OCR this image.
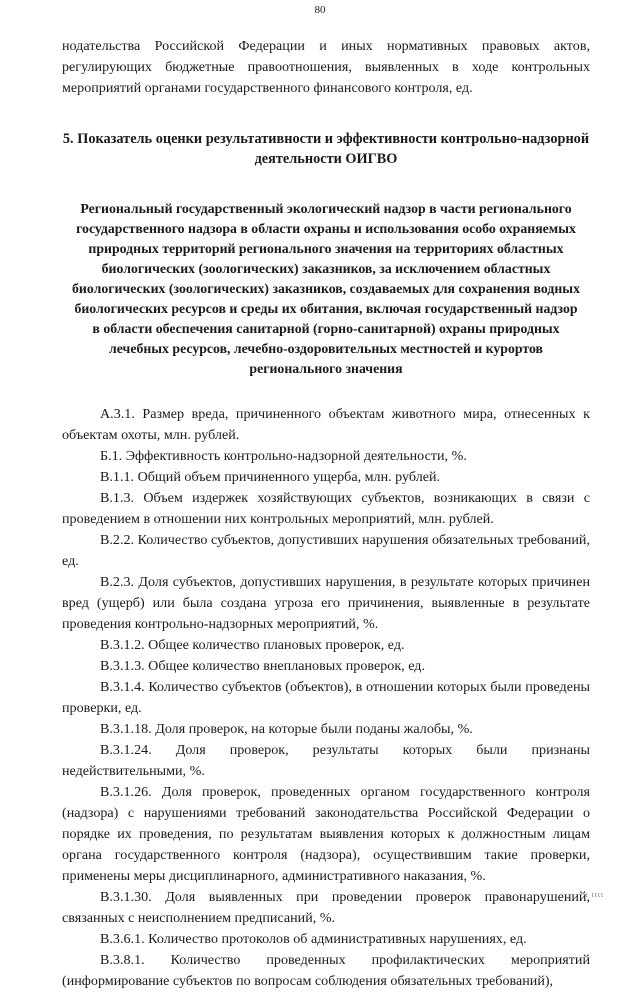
80

нодательства Российской Федерации и иных нормативных правовых актов, регулирующих бюджетные правоотношения, выявленных в ходе контрольных мероприятий органами государственного финансового контроля, ед.

5. Показатель оценки результативности и эффективности контрольно-надзорной деятельности ОИГВО

Региональный государственный экологический надзор в части регионального государственного надзора в области охраны и использования особо охраняемых природных территорий регионального значения на территориях областных биологических (зоологических) заказников, за исключением областных биологических (зоологических) заказников, создаваемых для сохранения водных биологических ресурсов и среды их обитания, включая государственный надзор в области обеспечения санитарной (горно-санитарной) охраны природных лечебных ресурсов, лечебно-оздоровительных местностей и курортов регионального значения

А.3.1. Размер вреда, причиненного объектам животного мира, отнесенных к объектам охоты, млн. рублей.

Б.1. Эффективность контрольно-надзорной деятельности, %.

В.1.1. Общий объем причиненного ущерба, млн. рублей.

В.1.3. Объем издержек хозяйствующих субъектов, возникающих в связи с проведением в отношении них контрольных мероприятий, млн. рублей.

В.2.2. Количество субъектов, допустивших нарушения обязательных требований, ед.

В.2.3. Доля субъектов, допустивших нарушения, в результате которых причинен вред (ущерб) или была создана угроза его причинения, выявленные в результате проведения контрольно-надзорных мероприятий, %.

В.3.1.2. Общее количество плановых проверок, ед.

В.3.1.3. Общее количество внеплановых проверок, ед.

В.3.1.4. Количество субъектов (объектов), в отношении которых были проведены проверки, ед.

В.3.1.18. Доля проверок, на которые были поданы жалобы, %.

В.3.1.24. Доля проверок, результаты которых были признаны недействительными, %.

В.3.1.26. Доля проверок, проведенных органом государственного контроля (надзора) с нарушениями требований законодательства Российской Федерации о порядке их проведения, по результатам выявления которых к должностным лицам органа государственного контроля (надзора), осуществившим такие проверки, применены меры дисциплинарного, административного наказания, %.

В.3.1.30. Доля выявленных при проведении проверок правонарушений, связанных с неисполнением предписаний, %.

В.3.6.1. Количество протоколов об административных нарушениях, ед.

В.3.8.1. Количество проведенных профилактических мероприятий (информирование субъектов по вопросам соблюдения обязательных требований),

ι ιιιι
